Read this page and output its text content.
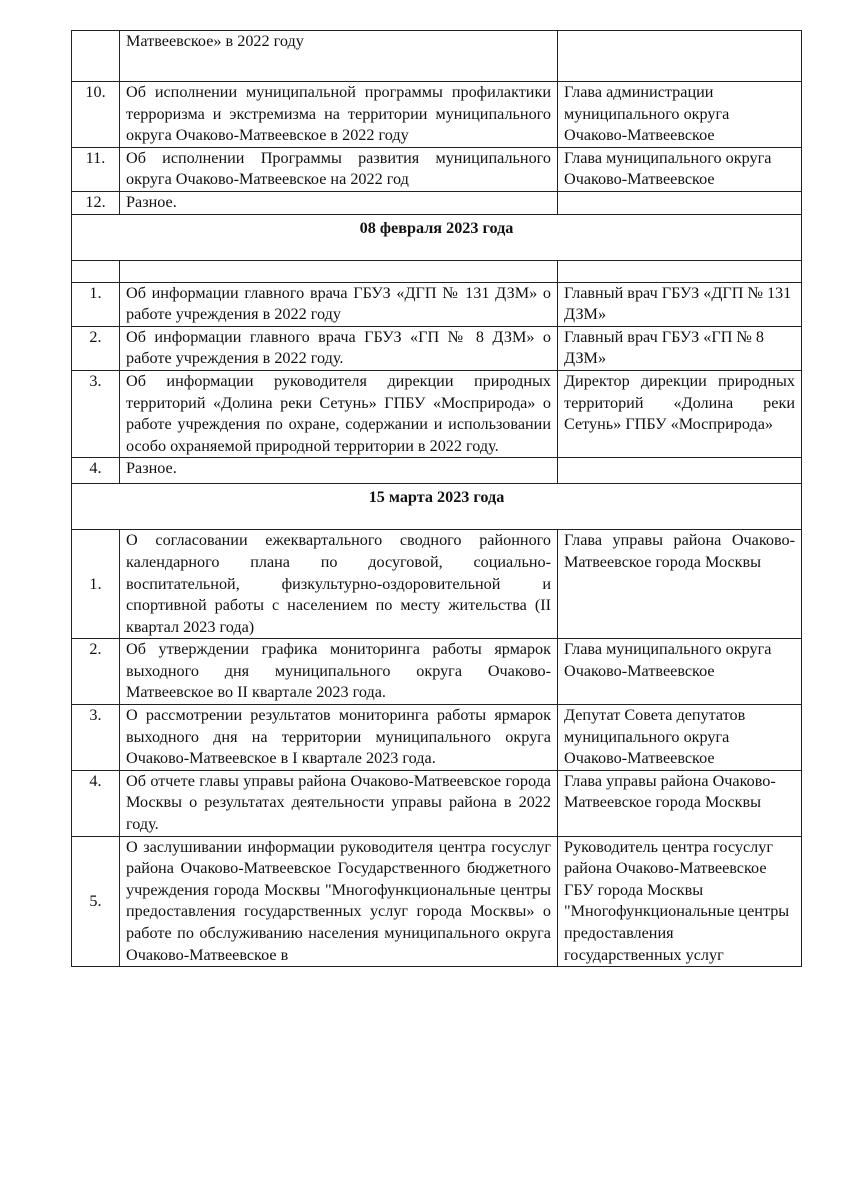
	Матвеевское» в 2022 году	
10.	Об исполнении муниципальной программы профилактики терроризма и экстремизма на территории муниципального округа Очаково-Матвеевское в 2022 году	Глава администрации муниципального округа Очаково-Матвеевское
11.	Об исполнении Программы развития муниципального округа Очаково-Матвеевское на 2022 год	Глава муниципального округа Очаково-Матвеевское
12.	Разное.	
08 февраля 2023 года		

1.	Об информации главного врача ГБУЗ «ДГП № 131 ДЗМ» о работе учреждения в 2022 году	Главный врач ГБУЗ «ДГП № 131 ДЗМ»
2.	Об информации главного врача ГБУЗ «ГП № 8 ДЗМ» о работе учреждения в 2022 году.	Главный врач ГБУЗ «ГП № 8 ДЗМ»
3.	Об информации руководителя дирекции природных территорий «Долина реки Сетунь» ГПБУ «Мосприрода» о работе учреждения по охране, содержании и использовании особо охраняемой природной территории в 2022 году.	Директор дирекции природных территорий «Долина реки Сетунь» ГПБУ «Мосприрода»
4.	Разное.	
15 марта 2023 года		
1.	О согласовании ежеквартального сводного районного календарного плана по досуговой, социально-воспитательной, физкультурно-оздоровительной и спортивной работы с населением по месту жительства (II квартал 2023 года)	Глава управы района Очаково-Матвеевское города Москвы
2.	Об утверждении графика мониторинга работы ярмарок выходного дня муниципального округа Очаково-Матвеевское во II квартале 2023 года.	Глава муниципального округа Очаково-Матвеевское
3.	О рассмотрении результатов мониторинга работы ярмарок выходного дня на территории муниципального округа Очаково-Матвеевское в I квартале 2023 года.	Депутат Совета депутатов муниципального округа Очаково-Матвеевское
4.	Об отчете главы управы района Очаково-Матвеевское города Москвы о результатах деятельности управы района в 2022 году.	Глава управы района Очаково-Матвеевское города Москвы
5.	О заслушивании информации руководителя центра госуслуг района Очаково-Матвеевское Государственного бюджетного учреждения города Москвы "Многофункциональные центры предоставления государственных услуг города Москвы» о работе по обслуживанию населения муниципального округа Очаково-Матвеевское в	Руководитель центра госуслуг района Очаково-Матвеевское ГБУ города Москвы "Многофункциональные центры предоставления государственных услуг
